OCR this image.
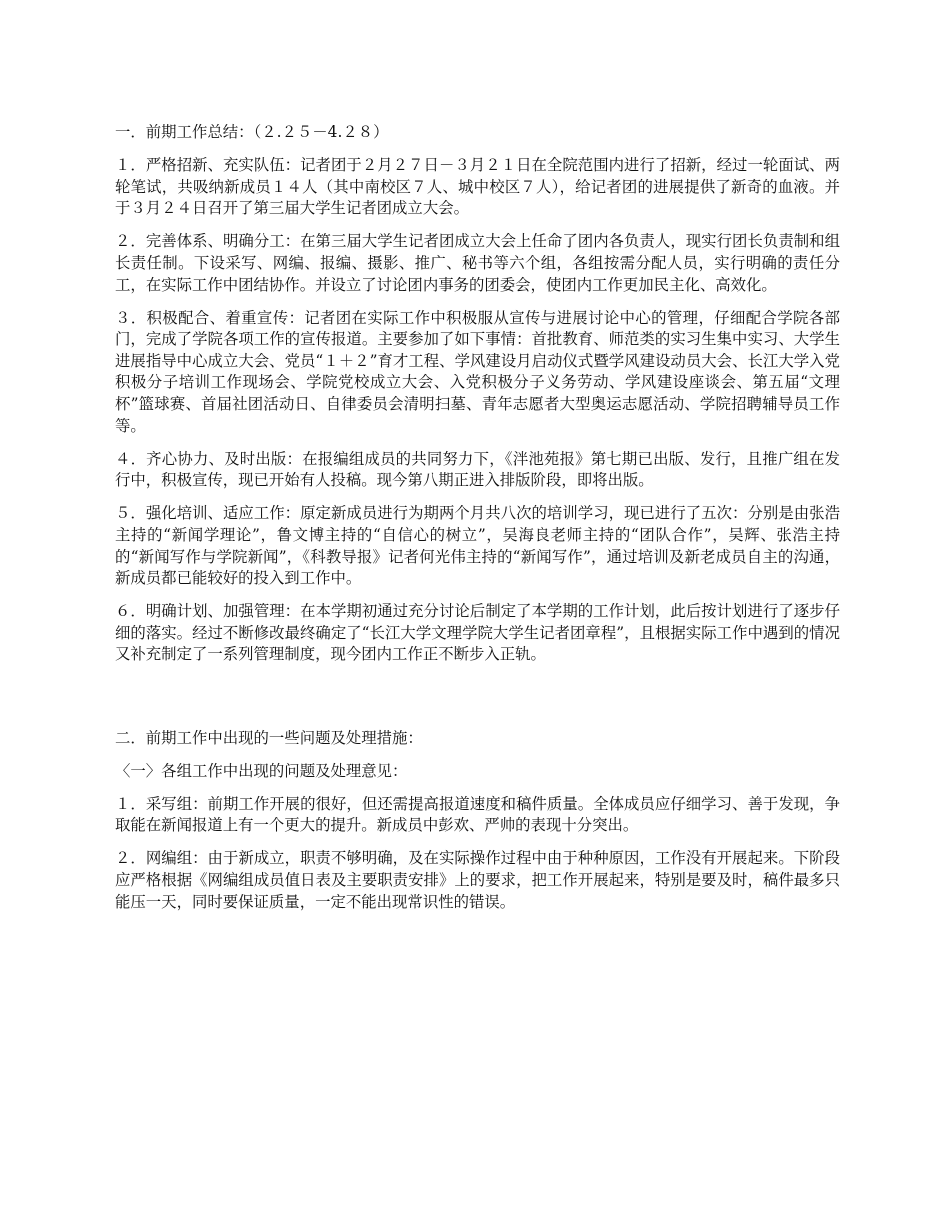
一．前期工作总结：（２.２５－4.２８）

１．严格招新、充实队伍：记者团于２月２７日－３月２１日在全院范围内进行了招新，经过一轮面试、两轮笔试，共吸纳新成员１４人（其中南校区７人、城中校区７人），给记者团的进展提供了新奇的血液。并于３月２４日召开了第三届大学生记者团成立大会。

２．完善体系、明确分工：在第三届大学生记者团成立大会上任命了团内各负责人，现实行团长负责制和组长责任制。下设采写、网编、报编、摄影、推广、秘书等六个组，各组按需分配人员，实行明确的责任分工，在实际工作中团结协作。并设立了讨论团内事务的团委会，使团内工作更加民主化、高效化。

３．积极配合、着重宣传：记者团在实际工作中积极服从宣传与进展讨论中心的管理，仔细配合学院各部门，完成了学院各项工作的宣传报道。主要参加了如下事情：首批教育、师范类的实习生集中实习、大学生进展指导中心成立大会、党员“１＋２”育才工程、学风建设月启动仪式暨学风建设动员大会、长江大学入党积极分子培训工作现场会、学院党校成立大会、入党积极分子义务劳动、学风建设座谈会、第五届“文理杯”篮球赛、首届社团活动日、自律委员会清明扫墓、青年志愿者大型奥运志愿活动、学院招聘辅导员工作等。

４．齐心协力、及时出版：在报编组成员的共同努力下，《泮池苑报》第七期已出版、发行，且推广组在发行中，积极宣传，现已开始有人投稿。现今第八期正进入排版阶段，即将出版。

５．强化培训、适应工作：原定新成员进行为期两个月共八次的培训学习，现已进行了五次：分别是由张浩主持的“新闻学理论”，鲁文博主持的“自信心的树立”，吴海良老师主持的“团队合作”，吴辉、张浩主持的“新闻写作与学院新闻”，《科教导报》记者何光伟主持的“新闻写作”，通过培训及新老成员自主的沟通，新成员都已能较好的投入到工作中。

６．明确计划、加强管理：在本学期初通过充分讨论后制定了本学期的工作计划，此后按计划进行了逐步仔细的落实。经过不断修改最终确定了“长江大学文理学院大学生记者团章程”，且根据实际工作中遇到的情况又补充制定了一系列管理制度，现今团内工作正不断步入正轨。

二．前期工作中出现的一些问题及处理措施：

〈一〉各组工作中出现的问题及处理意见：

１．采写组：前期工作开展的很好，但还需提高报道速度和稿件质量。全体成员应仔细学习、善于发现，争取能在新闻报道上有一个更大的提升。新成员中彭欢、严帅的表现十分突出。

２．网编组：由于新成立，职责不够明确，及在实际操作过程中由于种种原因，工作没有开展起来。下阶段应严格根据《网编组成员值日表及主要职责安排》上的要求，把工作开展起来，特别是要及时，稿件最多只能压一天，同时要保证质量，一定不能出现常识性的错误。
